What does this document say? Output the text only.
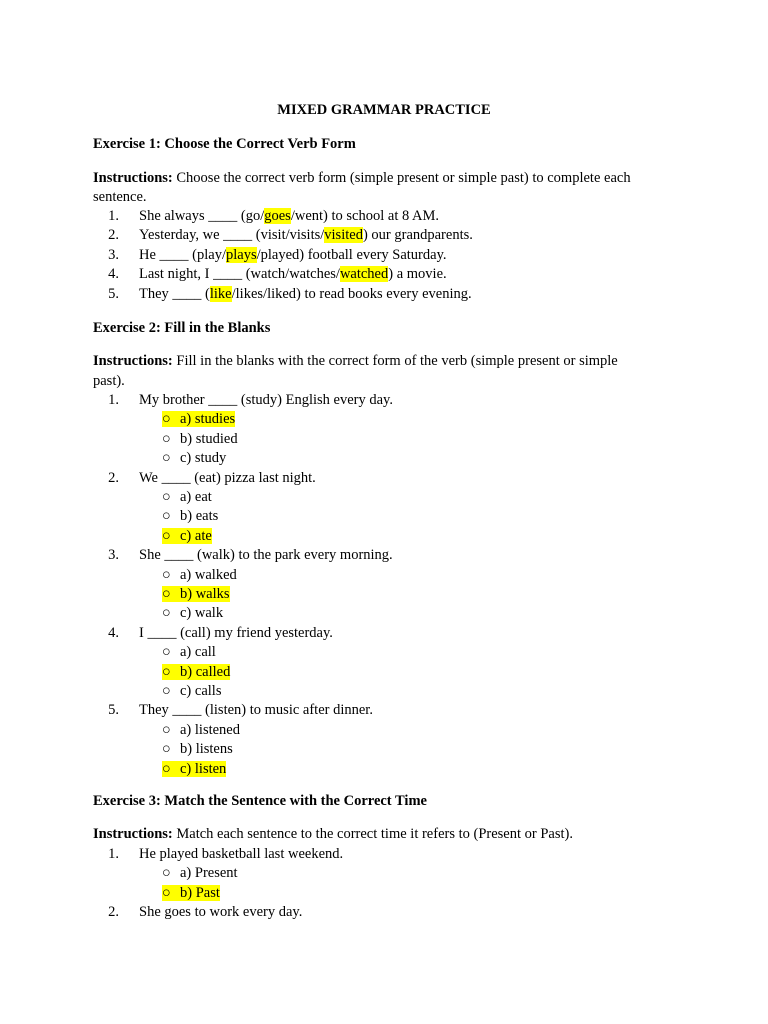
MIXED GRAMMAR PRACTICE
Exercise 1: Choose the Correct Verb Form
Instructions: Choose the correct verb form (simple present or simple past) to complete each
sentence.
1. She always ____ (go/goes/went) to school at 8 AM.
2. Yesterday, we ____ (visit/visits/visited) our grandparents.
3. He ____ (play/plays/played) football every Saturday.
4. Last night, I ____ (watch/watches/watched) a movie.
5. They ____ (like/likes/liked) to read books every evening.
Exercise 2: Fill in the Blanks
Instructions: Fill in the blanks with the correct form of the verb (simple present or simple
past).
1. My brother ____ (study) English every day.
○ a) studies
○ b) studied
○ c) study
2. We ____ (eat) pizza last night.
○ a) eat
○ b) eats
○ c) ate
3. She ____ (walk) to the park every morning.
○ a) walked
○ b) walks
○ c) walk
4. I ____ (call) my friend yesterday.
○ a) call
○ b) called
○ c) calls
5. They ____ (listen) to music after dinner.
○ a) listened
○ b) listens
○ c) listen
Exercise 3: Match the Sentence with the Correct Time
Instructions: Match each sentence to the correct time it refers to (Present or Past).
1. He played basketball last weekend.
○ a) Present
○ b) Past
2. She goes to work every day.
